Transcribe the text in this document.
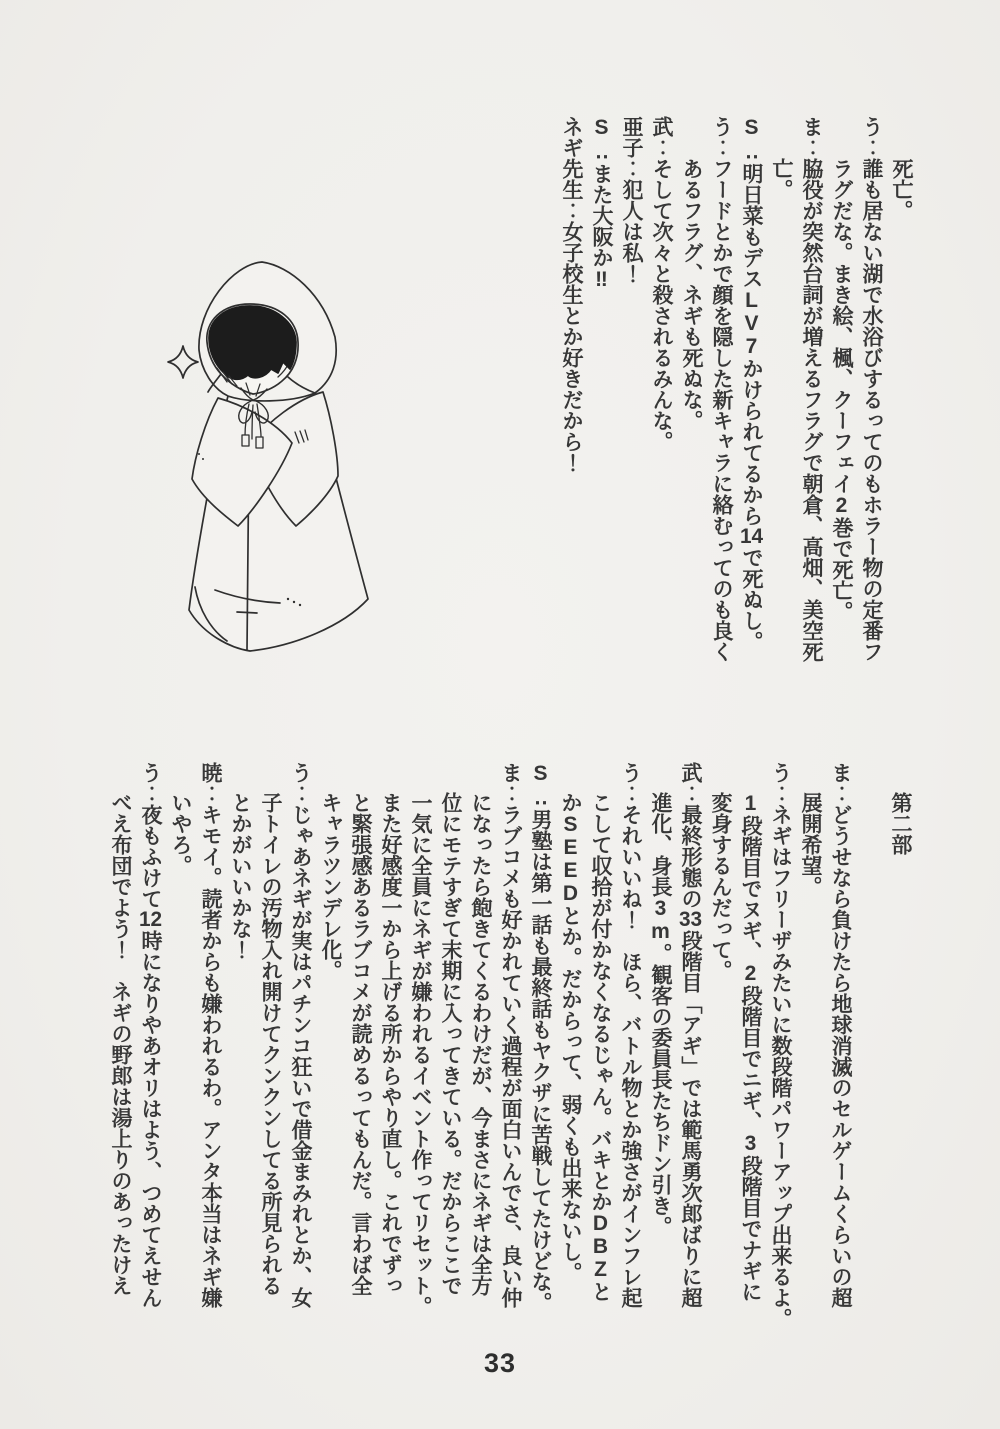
死亡。

う‥誰も居ない湖で水浴びするってのもホラー物の定番フ

ラグだな。まき絵、楓、クーフェイ2巻で死亡。

ま‥脇役が突然台詞が増えるフラグで朝倉、高畑、美空死

亡。

S‥明日菜もデスLV7かけられてるから14で死ぬし。

う‥フードとかで顔を隠した新キャラに絡むってのも良く

あるフラグ、ネギも死ぬな。

武‥そして次々と殺されるみんな。

亜子‥犯人は私！

S‥また大阪か‼

ネギ先生‥女子校生とか好きだから！

第二部

ま‥どうせなら負けたら地球消滅のセルゲームくらいの超

展開希望。

う‥ネギはフリーザみたいに数段階パワーアップ出来るよ。

1段階目でヌギ、2段階目でニギ、3段階目でナギに

変身するんだって。

武‥最終形態の33段階目「アギ」では範馬勇次郎ばりに超

進化、身長3m。観客の委員長たちドン引き。

う‥それいいね！　ほら、バトル物とか強さがインフレ起

こして収拾が付かなくなるじゃん。バキとかDBZと

かSEEDとか。だからって、弱くも出来ないし。

S‥男塾は第一話も最終話もヤクザに苦戦してたけどな。

ま‥ラブコメも好かれていく過程が面白いんでさ、良い仲

になったら飽きてくるわけだが、今まさにネギは全方

位にモテすぎて末期に入ってきている。だからここで

一気に全員にネギが嫌われるイベント作ってリセット。

また好感度一から上げる所からやり直し。これでずっ

と緊張感あるラブコメが読めるってもんだ。言わば全

キャラツンデレ化。

う‥じゃあネギが実はパチンコ狂いで借金まみれとか、女

子トイレの汚物入れ開けてクンクンしてる所見られる

とかがいいかな！

暁‥キモイ。読者からも嫌われるわ。アンタ本当はネギ嫌

いやろ。

う‥夜もふけて12時になりやあオリはよう、つめてえせん

べえ布団でよう！　ネギの野郎は湯上りのあったけえ

33
